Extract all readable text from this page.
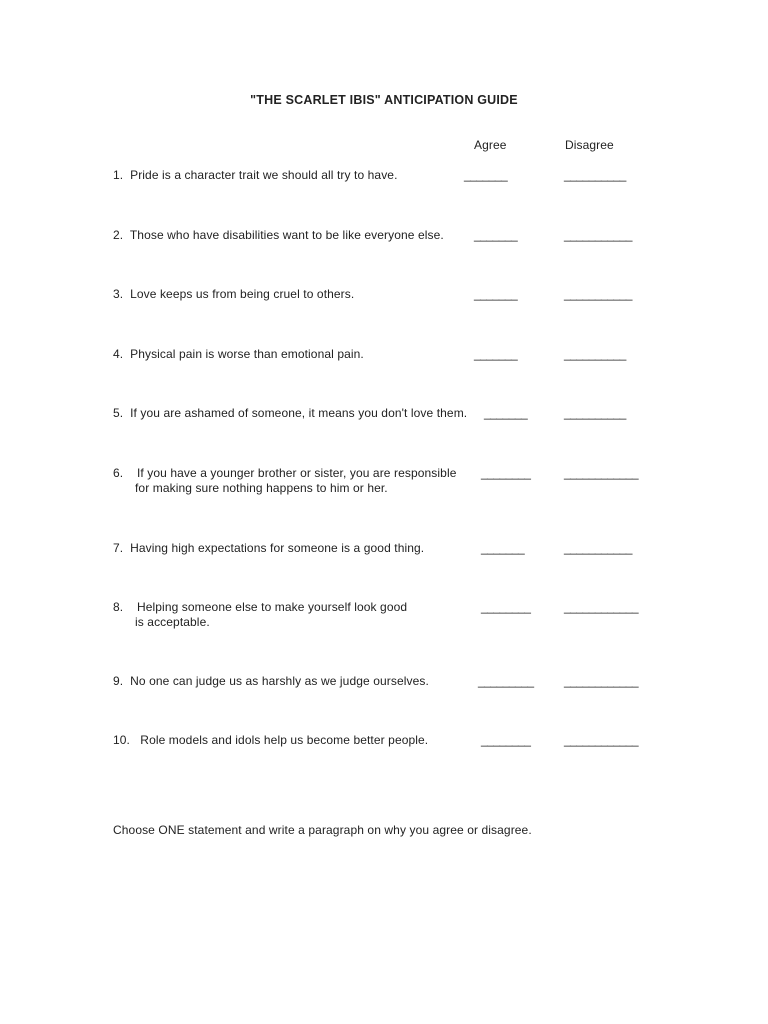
"THE SCARLET IBIS" ANTICIPATION GUIDE
Agree	Disagree
1. Pride is a character trait we should all try to have.	_______	__________
2. Those who have disabilities want to be like everyone else.	_______	___________
3. Love keeps us from being cruel to others.	_______	___________
4. Physical pain is worse than emotional pain.	_______	__________
5. If you are ashamed of someone, it means you don't love them. _______	__________
6. If you have a younger brother or sister, you are responsible
for making sure nothing happens to him or her.
________	____________
7. Having high expectations for someone is a good thing.	_______	___________
8. Helping someone else to make yourself look good
is acceptable.
________	____________
9. No one can judge us as harshly as we judge ourselves.	_________	____________
10. Role models and idols help us become better people.	________	____________
Choose ONE statement and write a paragraph on why you agree or disagree.
